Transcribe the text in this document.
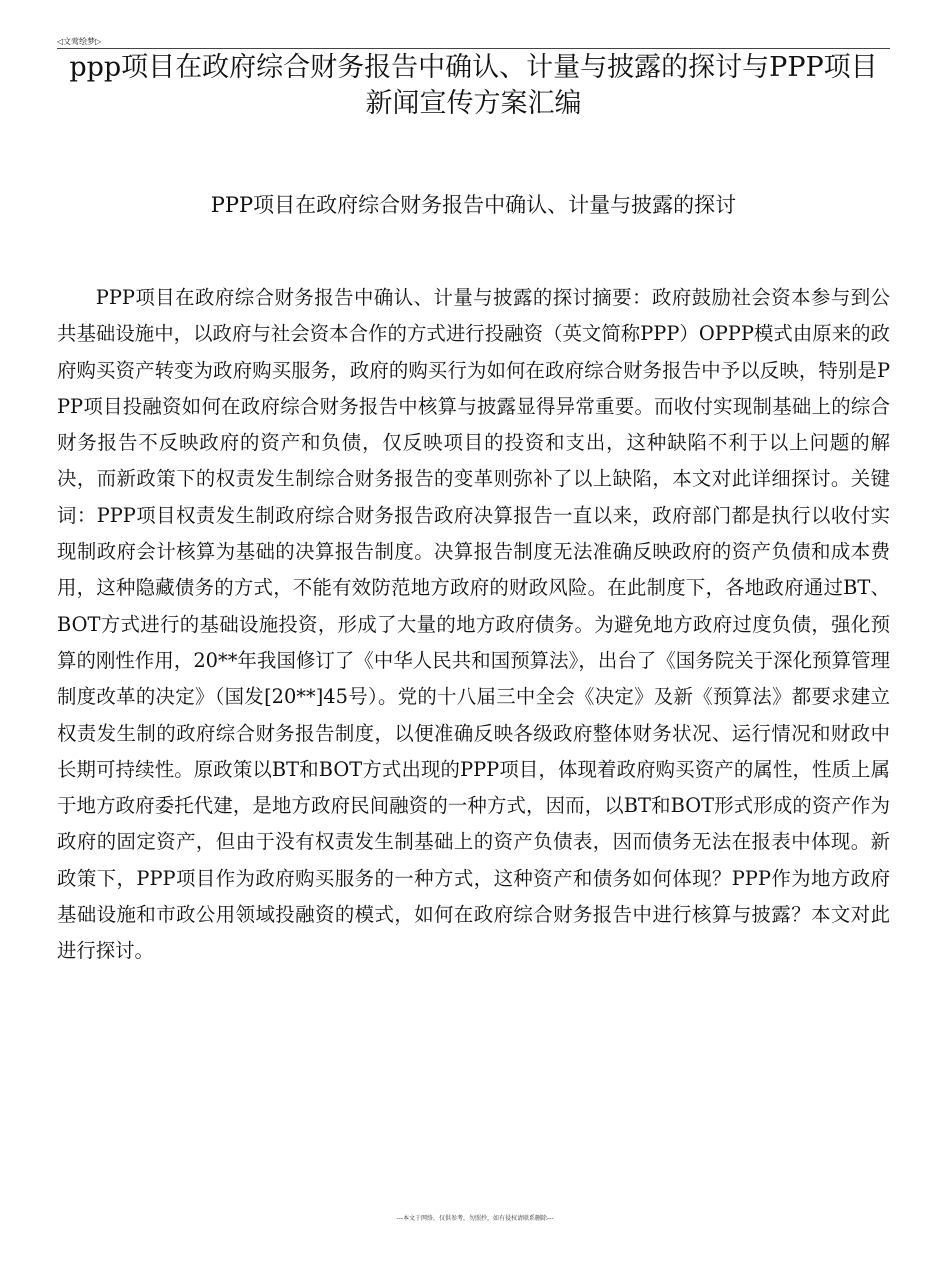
◁文莺绘梦▷
ppp项目在政府综合财务报告中确认、计量与披露的探讨与PPP项目新闻宣传方案汇编
PPP项目在政府综合财务报告中确认、计量与披露的探讨

PPP项目在政府综合财务报告中确认、计量与披露的探讨摘要：政府鼓励社会资本参与到公共基础设施中，以政府与社会资本合作的方式进行投融资（英文简称PPP）OPPP模式由原来的政府购买资产转变为政府购买服务，政府的购买行为如何在政府综合财务报告中予以反映，特别是PPP项目投融资如何在政府综合财务报告中核算与披露显得异常重要。而收付实现制基础上的综合财务报告不反映政府的资产和负债，仅反映项目的投资和支出，这种缺陷不利于以上问题的解决，而新政策下的权责发生制综合财务报告的变革则弥补了以上缺陷，本文对此详细探讨。关键词：PPP项目权责发生制政府综合财务报告政府决算报告一直以来，政府部门都是执行以收付实现制政府会计核算为基础的决算报告制度。决算报告制度无法准确反映政府的资产负债和成本费用，这种隐藏债务的方式，不能有效防范地方政府的财政风险。在此制度下，各地政府通过BT、BOT方式进行的基础设施投资，形成了大量的地方政府债务。为避免地方政府过度负债，强化预算的刚性作用，20**年我国修订了《中华人民共和国预算法》，出台了《国务院关于深化预算管理制度改革的决定》（国发[20**]45号）。党的十八届三中全会《决定》及新《预算法》都要求建立权责发生制的政府综合财务报告制度，以便准确反映各级政府整体财务状况、运行情况和财政中长期可持续性。原政策以BT和BOT方式出现的PPP项目，体现着政府购买资产的属性，性质上属于地方政府委托代建，是地方政府民间融资的一种方式，因而，以BT和BOT形式形成的资产作为政府的固定资产，但由于没有权责发生制基础上的资产负债表，因而债务无法在报表中体现。新政策下，PPP项目作为政府购买服务的一种方式，这种资产和债务如何体现？PPP作为地方政府基础设施和市政公用领域投融资的模式，如何在政府综合财务报告中进行核算与披露？本文对此进行探讨。

---本文于网络，仅供参考，勿照抄，如有侵权请联系删除---
